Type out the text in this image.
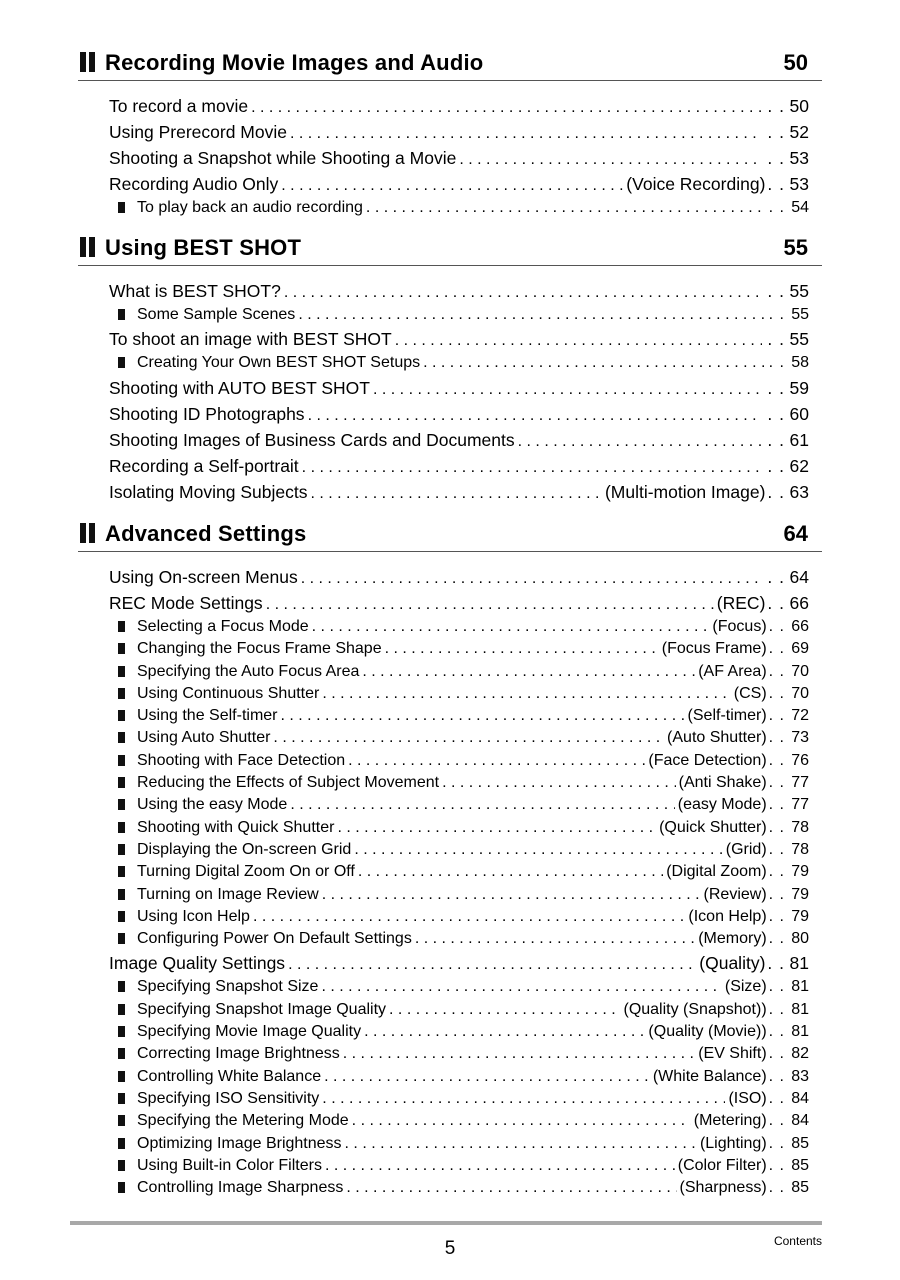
Recording Movie Images and Audio	50
To record a movie . . .	. . 50
Using Prerecord Movie . . .	. . 52
Shooting a Snapshot while Shooting a Movie . . .	. . 53
Recording Audio Only . . .	(Voice Recording) . . 53
To play back an audio recording . . .	. . 54
Using BEST SHOT	55
What is BEST SHOT? . . .	. . 55
Some Sample Scenes . . .	. . 55
To shoot an image with BEST SHOT . . .	. . 55
Creating Your Own BEST SHOT Setups . . .	. . 58
Shooting with AUTO BEST SHOT . . .	. . 59
Shooting ID Photographs . . .	. . 60
Shooting Images of Business Cards and Documents . . .	. . 61
Recording a Self-portrait . . .	. . 62
Isolating Moving Subjects . . .	(Multi-motion Image) . . 63
Advanced Settings	64
Using On-screen Menus . . .	. . 64
REC Mode Settings . . .	(REC) . . 66
Selecting a Focus Mode . . .	(Focus) . . 66
Changing the Focus Frame Shape . . .	(Focus Frame) . . 69
Specifying the Auto Focus Area . . .	(AF Area) . . 70
Using Continuous Shutter . . .	(CS) . . 70
Using the Self-timer . . .	(Self-timer) . . 72
Using Auto Shutter . . .	(Auto Shutter) . . 73
Shooting with Face Detection . . .	(Face Detection) . . 76
Reducing the Effects of Subject Movement . . .	(Anti Shake) . . 77
Using the easy Mode . . .	(easy Mode) . . 77
Shooting with Quick Shutter . . .	(Quick Shutter) . . 78
Displaying the On-screen Grid . . .	(Grid) . . 78
Turning Digital Zoom On or Off . . .	(Digital Zoom) . . 79
Turning on Image Review . . .	(Review) . . 79
Using Icon Help . . .	(Icon Help) . . 79
Configuring Power On Default Settings . . .	(Memory) . . 80
Image Quality Settings . . .	(Quality) . . 81
Specifying Snapshot Size . . .	(Size) . . 81
Specifying Snapshot Image Quality . . .	(Quality (Snapshot)) . . 81
Specifying Movie Image Quality . . .	(Quality (Movie)) . . 81
Correcting Image Brightness . . .	(EV Shift) . . 82
Controlling White Balance . . .	(White Balance) . . 83
Specifying ISO Sensitivity . . .	(ISO) . . 84
Specifying the Metering Mode . . .	(Metering) . . 84
Optimizing Image Brightness . . .	(Lighting) . . 85
Using Built-in Color Filters . . .	(Color Filter) . . 85
Controlling Image Sharpness . . .	(Sharpness) . . 85
5	Contents
